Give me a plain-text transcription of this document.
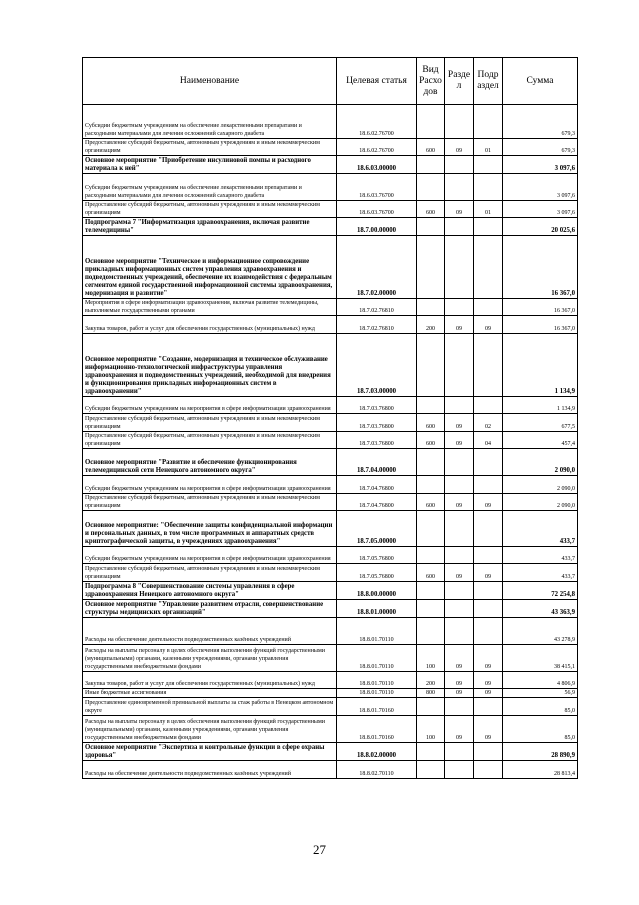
Наименование	Целевая статья	Вид Расхо дов	Разде л	Подр аздел	Сумма
Субсидии бюджетным учреждениям на обеспечение лекарственными препаратами и расходными материалами для лечения осложнений сахарного диабета	18.6.02.76700				679,3
Предоставление субсидий бюджетным, автономным учреждениям и иным некоммерческим организациям	18.6.02.76700	600	09	01	679,3
Основное мероприятие "Приобретение инсулиновой помпы и расходного материала к ней"	18.6.03.00000				3 097,6
Субсидии бюджетным учреждениям на обеспечение лекарственными препаратами и расходными материалами для лечения осложнений сахарного диабета	18.6.03.76700				3 097,6
Предоставление субсидий бюджетным, автономным учреждениям и иным некоммерческим организациям	18.6.03.76700	600	09	01	3 097,6
Подпрограмма 7 "Информатизация здравоохранения, включая развитие телемедицины"	18.7.00.00000				20 025,6
Основное мероприятие "Техническое и информационное сопровождение прикладных информационных систем управления здравоохранения и подведомственных учреждений, обеспечение их взаимодействия с федеральным сегментом единой государственной информационной системы здравоохранения, модернизация и развитие"	18.7.02.00000				16 367,0
Мероприятия в сфере информатизации здравоохранения, включая развитие телемедицины, выполняемые государственными органами	18.7.02.76810				16 367,0
Закупка товаров, работ и услуг для обеспечения государственных (муниципальных) нужд	18.7.02.76810	200	09	09	16 367,0
Основное мероприятие "Создание, модернизация и техническое обслуживание информационно-технологической инфраструктуры управления здравоохранения и подведомственных учреждений, необходимой для внедрения и функционирования прикладных информационных систем в здравоохранении"	18.7.03.00000				1 134,9
Субсидии бюджетным учреждениям на мероприятия в сфере информатизации здравоохранения	18.7.03.76800				1 134,9
Предоставление субсидий бюджетным, автономным учреждениям и иным некоммерческим организациям	18.7.03.76800	600	09	02	677,5
Предоставление субсидий бюджетным, автономным учреждениям и иным некоммерческим организациям	18.7.03.76800	600	09	04	457,4
Основное мероприятие "Развитие и обеспечение функционирования телемедицинской сети Ненецкого автономного округа"	18.7.04.00000				2 090,0
Субсидии бюджетным учреждениям на мероприятия в сфере информатизации здравоохранения	18.7.04.76800				2 090,0
Предоставление субсидий бюджетным, автономным учреждениям и иным некоммерческим организациям	18.7.04.76800	600	09	09	2 090,0
Основное мероприятие: "Обеспечение защиты конфиденциальной информации и персональных данных, в том числе программных и аппаратных средств криптографической защиты, в учреждениях здравоохранения"	18.7.05.00000				433,7
Субсидии бюджетным учреждениям на мероприятия в сфере информатизации здравоохранения	18.7.05.76800				433,7
Предоставление субсидий бюджетным, автономным учреждениям и иным некоммерческим организациям	18.7.05.76800	600	09	09	433,7
Подпрограмма 8 "Совершенствование системы управления в сфере здравоохранения Ненецкого автономного округа"	18.8.00.00000				72 254,8
Основное мероприятие "Управление развитием отрасли, совершенствование структуры медицинских организаций"	18.8.01.00000				43 363,9
Расходы на обеспечение деятельности подведомственных казённых учреждений	18.8.01.70110				43 278,9
Расходы на выплаты персоналу в целях обеспечения выполнения функций государственными (муниципальными) органами, казенными учреждениями, органами управления государственными внебюджетными фондами	18.8.01.70110	100	09	09	38 415,1
Закупка товаров, работ и услуг для обеспечения государственных (муниципальных) нужд	18.8.01.70110	200	09	09	4 806,9
Иные бюджетные ассигнования	18.8.01.70110	800	09	09	56,9
Предоставление единовременной премиальной выплаты за стаж работы в Ненецком автономном округе	18.8.01.70160				85,0
Расходы на выплаты персоналу в целях обеспечения выполнения функций государственными (муниципальными) органами, казенными учреждениями, органами управления государственными внебюджетными фондами	18.8.01.70160	100	09	09	85,0
Основное мероприятие "Экспертиза и контрольные функции в сфере охраны здоровья"	18.8.02.00000				28 890,9
Расходы на обеспечение деятельности подведомственных казённых учреждений	18.8.02.70110				28 813,4
27
